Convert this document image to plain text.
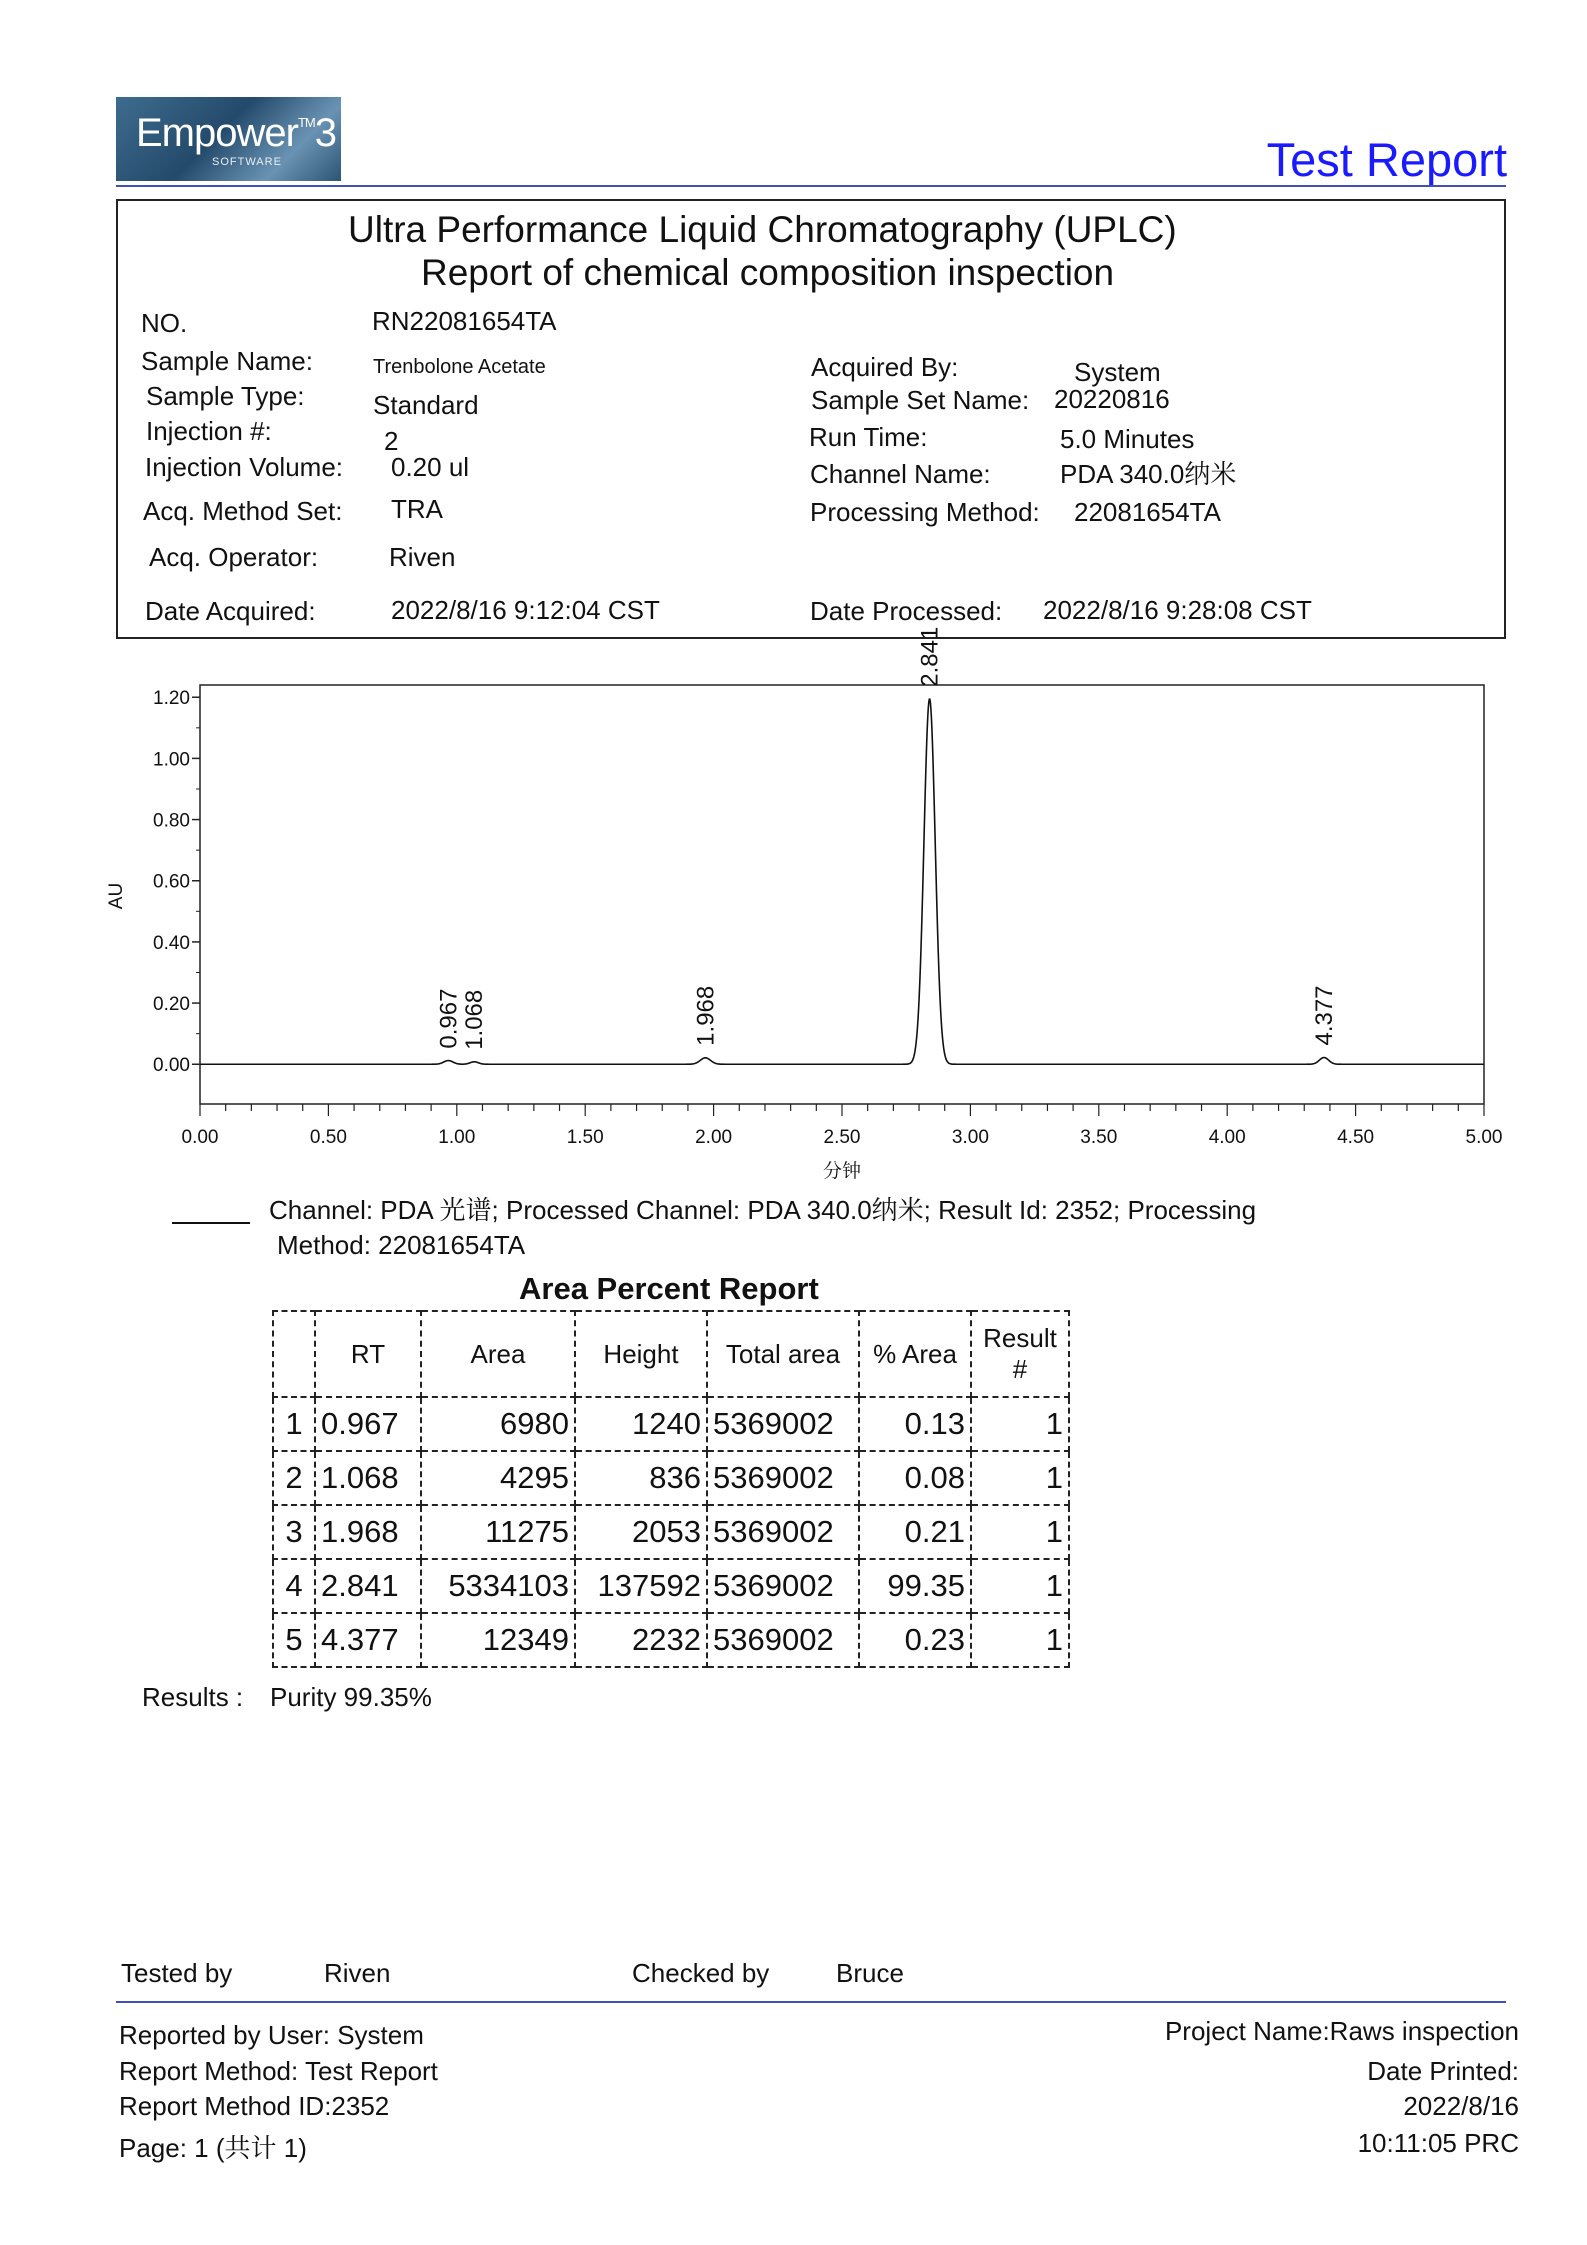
Empower™3
SOFTWARE	Test Report
Ultra Performance Liquid Chromatography (UPLC)
Report of chemical composition inspection
NO.	RN22081654TA
Sample Name:	Trenbolone Acetate
Sample Type:	Standard
Injection #:	2
Injection Volume: 0.20 ul
Acq. Method Set: TRA
Acq. Operator:	Riven
Date Acquired:	2022/8/16 9:12:04 CST
Acquired By:	System
Sample Set Name: 20220816
Run Time:	5.0 Minutes
Channel Name:	PDA 340.0纳米
Processing Method: 22081654TA
Date Processed: 2022/8/16 9:28:08 CST
0.00
0.20
0.40
0.60
0.80
1.00
1.20
AU
0.00	0.50	1.00	1.50	2.00	2.50	3.00	3.50	4.00	4.50	5.00
分钟
0.967
1.068	1.968
2.841
4.377
Channel: PDA 光谱; Processed Channel: PDA 340.0纳米; Result Id: 2352; Processing
Method: 22081654TA
Area Percent Report
	RT	Area	Height	Total area	% Area	Result
#
1	0.967	6980	1240	5369002	0.13	1
2	1.068	4295	836	5369002	0.08	1
3	1.968	11275	2053	5369002	0.21	1
4	2.841	5334103	137592	5369002	99.35	1
5	4.377	12349	2232	5369002	0.23	1
Results : Purity 99.35%
Tested by	Riven	Checked by	Bruce
Reported by User: System
Report Method: Test Report
Report Method ID:2352
Page: 1 (共计 1)
Project Name:Raws inspection
Date Printed:
2022/8/16
10:11:05 PRC
